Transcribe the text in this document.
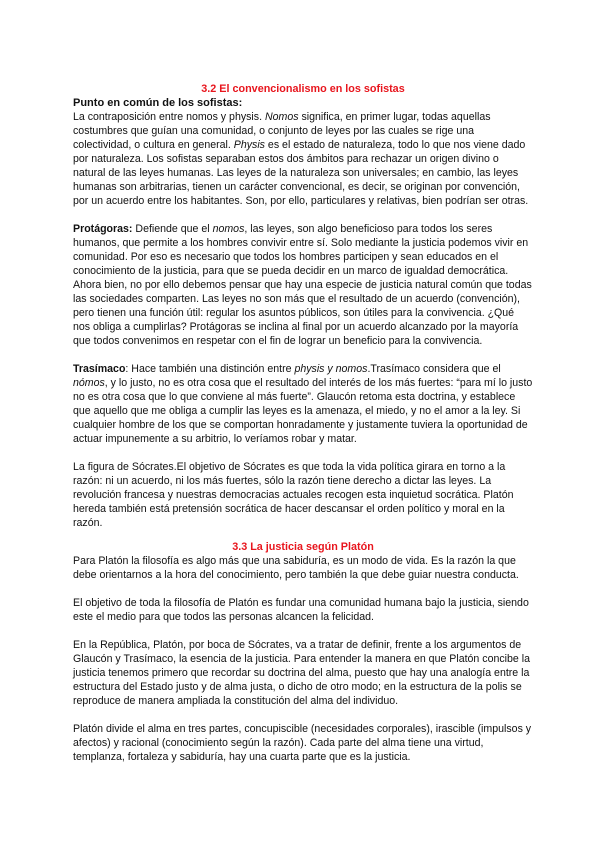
3.2 El convencionalismo en los sofistas
Punto en común de los sofistas:

La contraposición entre nomos y physis. Nomos significa, en primer lugar, todas aquellas costumbres que guían una comunidad, o conjunto de leyes por las cuales se rige una colectividad, o cultura en general. Physis es el estado de naturaleza, todo lo que nos viene dado por naturaleza. Los sofistas separaban estos dos ámbitos para rechazar un origen divino o natural de las leyes humanas. Las leyes de la naturaleza son universales; en cambio, las leyes humanas son arbitrarias, tienen un carácter convencional, es decir, se originan por convención, por un acuerdo entre los habitantes. Son, por ello, particulares y relativas, bien podrían ser otras.

Protágoras: Defiende que el nomos, las leyes, son algo beneficioso para todos los seres humanos, que permite a los hombres convivir entre sí. Solo mediante la justicia podemos vivir en comunidad. Por eso es necesario que todos los hombres participen y sean educados en el conocimiento de la justicia, para que se pueda decidir en un marco de igualdad democrática. Ahora bien, no por ello debemos pensar que hay una especie de justicia natural común que todas las sociedades comparten. Las leyes no son más que el resultado de un acuerdo (convención), pero tienen una función útil: regular los asuntos públicos, son útiles para la convivencia. ¿Qué nos obliga a cumplirlas? Protágoras se inclina al final por un acuerdo alcanzado por la mayoría que todos convenimos en respetar con el fin de lograr un beneficio para la convivencia.

Trasímaco: Hace también una distinción entre physis y nomos.Trasímaco considera que el nómos, y lo justo, no es otra cosa que el resultado del interés de los más fuertes: “para mí lo justo no es otra cosa que lo que conviene al más fuerte”. Glaucón retoma esta doctrina, y establece que aquello que me obliga a cumplir las leyes es la amenaza, el miedo, y no el amor a la ley. Si cualquier hombre de los que se comportan honradamente y justamente tuviera la oportunidad de actuar impunemente a su arbitrio, lo veríamos robar y matar.

La figura de Sócrates.El objetivo de Sócrates es que toda la vida política girara en torno a la razón: ni un acuerdo, ni los más fuertes, sólo la razón tiene derecho a dictar las leyes. La revolución francesa y nuestras democracias actuales recogen esta inquietud socrática. Platón hereda también está pretensión socrática de hacer descansar el orden político y moral en la razón.

3.3 La justicia según Platón

Para Platón la filosofía es algo más que una sabiduría, es un modo de vida. Es la razón la que debe orientarnos a la hora del conocimiento, pero también la que debe guiar nuestra conducta.

El objetivo de toda la filosofía de Platón es fundar una comunidad humana bajo la justicia, siendo este el medio para que todos las personas alcancen la felicidad.

En la República, Platón, por boca de Sócrates, va a tratar de definir, frente a los argumentos de Glaucón y Trasímaco, la esencia de la justicia. Para entender la manera en que Platón concibe la justicia tenemos primero que recordar su doctrina del alma, puesto que hay una analogía entre la estructura del Estado justo y de alma justa, o dicho de otro modo; en la estructura de la polis se reproduce de manera ampliada la constitución del alma del individuo.

Platón divide el alma en tres partes, concupiscible (necesidades corporales), irascible (impulsos y afectos) y racional (conocimiento según la razón). Cada parte del alma tiene una virtud, templanza, fortaleza y sabiduría, hay una cuarta parte que es la justicia.
